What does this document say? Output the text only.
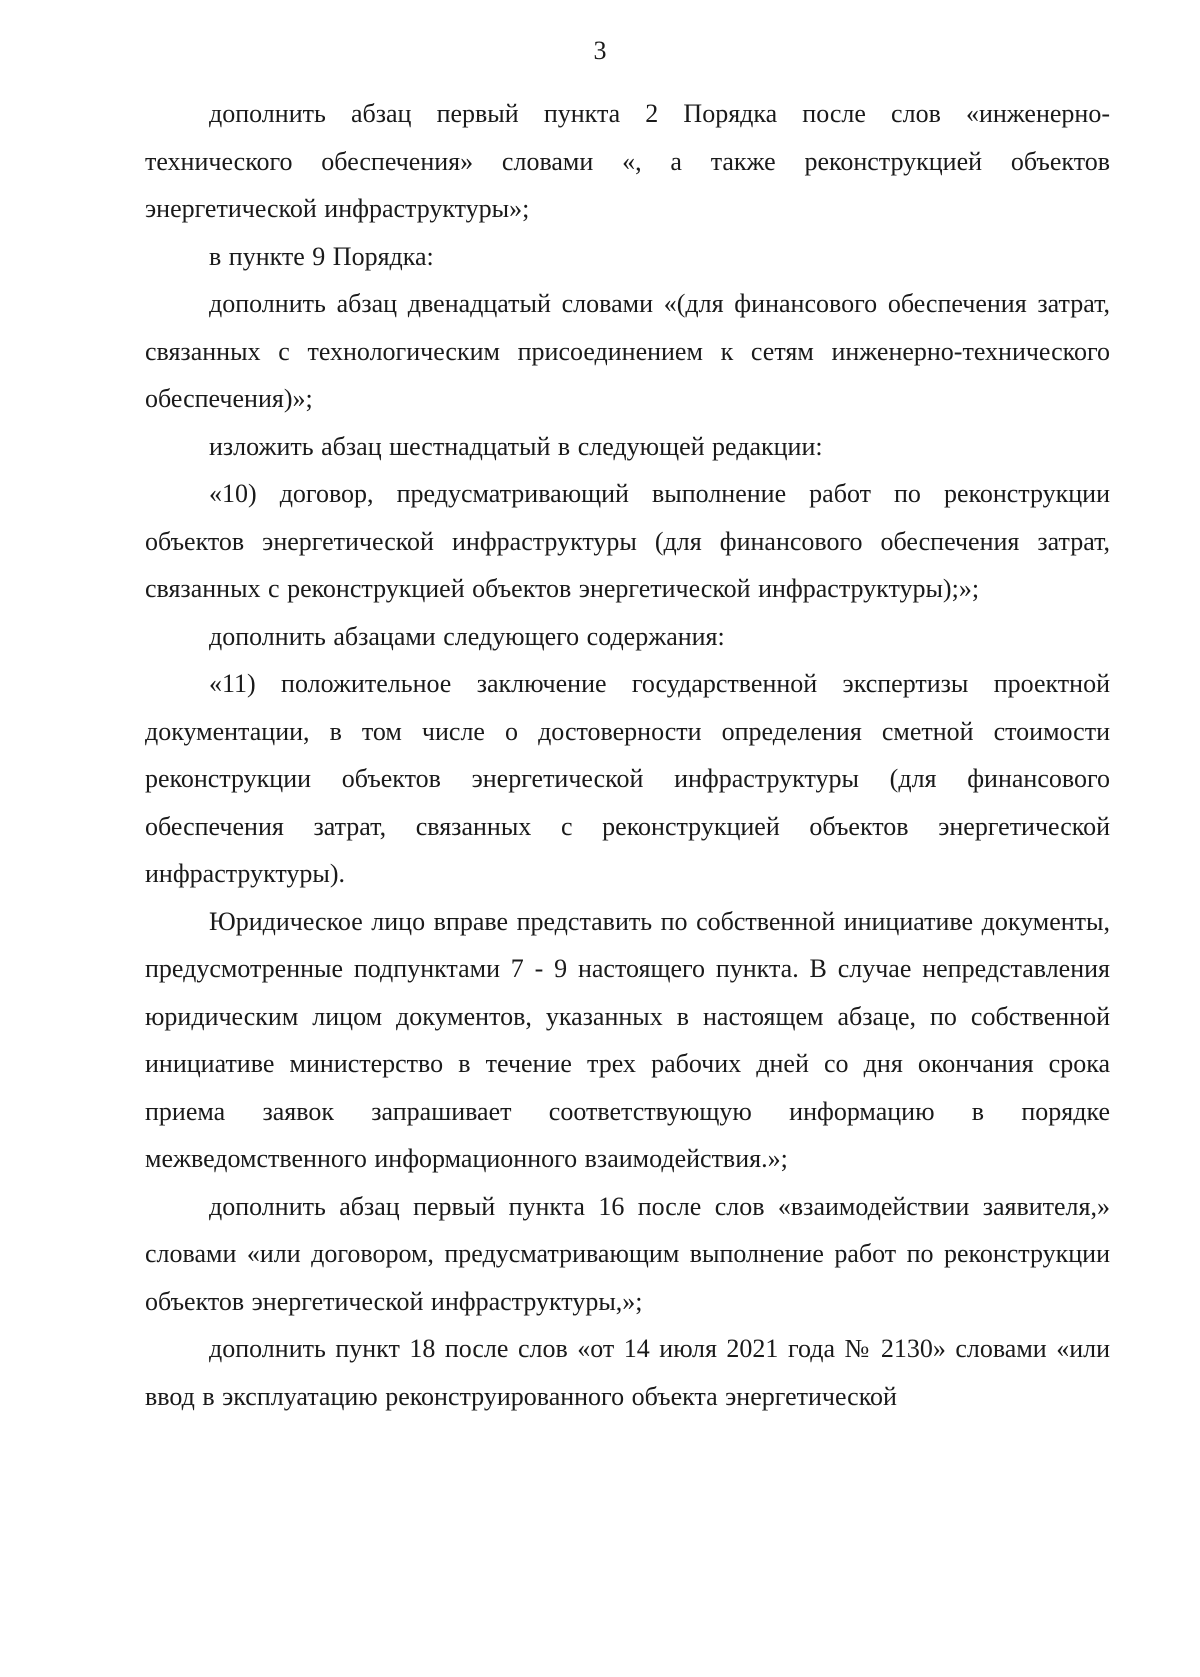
3

дополнить абзац первый пункта 2 Порядка после слов «инженерно-технического обеспечения» словами «, а также реконструкцией объектов энергетической инфраструктуры»;

в пункте 9 Порядка:

дополнить абзац двенадцатый словами «(для финансового обеспечения затрат, связанных с технологическим присоединением к сетям инженерно-технического обеспечения)»;

изложить абзац шестнадцатый в следующей редакции:

«10) договор, предусматривающий выполнение работ по реконструкции объектов энергетической инфраструктуры (для финансового обеспечения затрат, связанных с реконструкцией объектов энергетической инфраструктуры);»;

дополнить абзацами следующего содержания:

«11) положительное заключение государственной экспертизы проектной документации, в том числе о достоверности определения сметной стоимости реконструкции объектов энергетической инфраструктуры (для финансового обеспечения затрат, связанных с реконструкцией объектов энергетической инфраструктуры).

Юридическое лицо вправе представить по собственной инициативе документы, предусмотренные подпунктами 7 - 9 настоящего пункта. В случае непредставления юридическим лицом документов, указанных в настоящем абзаце, по собственной инициативе министерство в течение трех рабочих дней со дня окончания срока приема заявок запрашивает соответствующую информацию в порядке межведомственного информационного взаимодействия.»;

дополнить абзац первый пункта 16 после слов «взаимодействии заявителя,» словами «или договором, предусматривающим выполнение работ по реконструкции объектов энергетической инфраструктуры,»;

дополнить пункт 18 после слов «от 14 июля 2021 года № 2130» словами «или ввод в эксплуатацию реконструированного объекта энергетической
